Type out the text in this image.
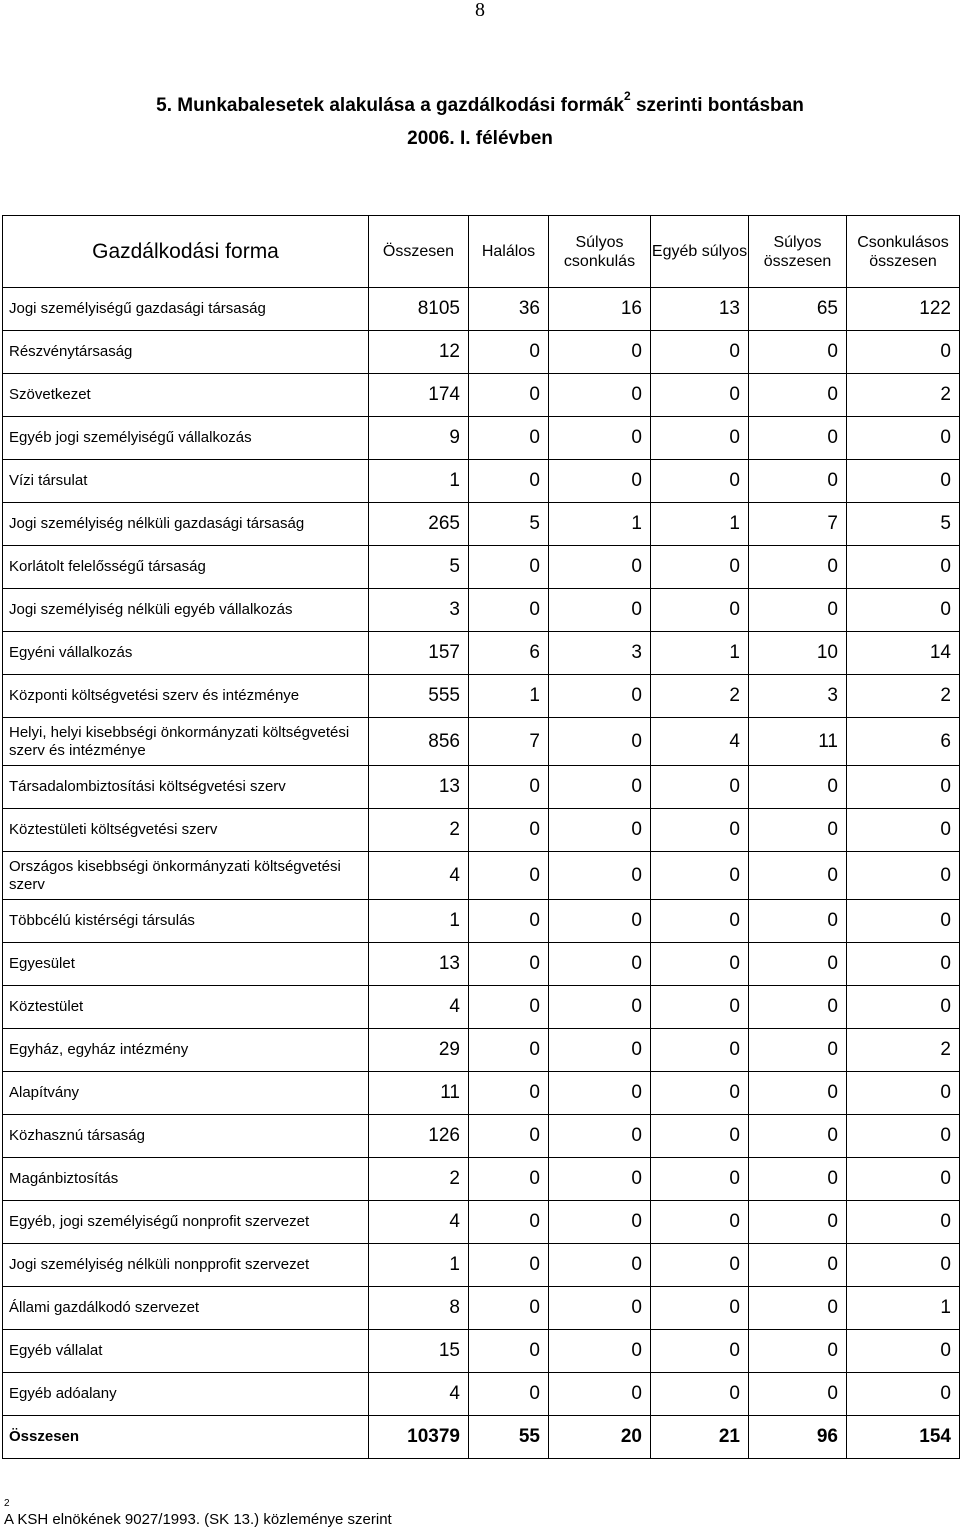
8
5. Munkabalesetek alakulása a gazdálkodási formák$^2$ szerinti bontásban
2006. I. félévben
Gazdálkodási forma	Összesen	Halálos	Súlyos csonkulás	Egyéb súlyos	Súlyos összesen	Csonkulásos összesen
Jogi személyiségű gazdasági társaság	8105	36	16	13	65	122
Részvénytársaság	12	0	0	0	0	0
Szövetkezet	174	0	0	0	0	2
Egyéb jogi személyiségű vállalkozás	9	0	0	0	0	0
Vízi társulat	1	0	0	0	0	0
Jogi személyiség nélküli gazdasági társaság	265	5	1	1	7	5
Korlátolt felelősségű társaság	5	0	0	0	0	0
Jogi személyiség nélküli egyéb vállalkozás	3	0	0	0	0	0
Egyéni vállalkozás	157	6	3	1	10	14
Központi költségvetési szerv és intézménye	555	1	0	2	3	2
Helyi, helyi kisebbségi önkormányzati költségvetési szerv és intézménye	856	7	0	4	11	6
Társadalombiztosítási költségvetési szerv	13	0	0	0	0	0
Köztestületi költségvetési szerv	2	0	0	0	0	0
Országos kisebbségi önkormányzati költségvetési szerv	4	0	0	0	0	0
Többcélú kistérségi társulás	1	0	0	0	0	0
Egyesület	13	0	0	0	0	0
Köztestület	4	0	0	0	0	0
Egyház, egyház intézmény	29	0	0	0	0	2
Alapítvány	11	0	0	0	0	0
Közhasznú társaság	126	0	0	0	0	0
Magánbiztosítás	2	0	0	0	0	0
Egyéb, jogi személyiségű nonprofit szervezet	4	0	0	0	0	0
Jogi személyiség nélküli nonpprofit szervezet	1	0	0	0	0	0
Állami gazdálkodó szervezet	8	0	0	0	0	1
Egyéb vállalat	15	0	0	0	0	0
Egyéb adóalany	4	0	0	0	0	0
Összesen	10379	55	20	21	96	154
2
A KSH elnökének 9027/1993. (SK 13.) közleménye szerint
